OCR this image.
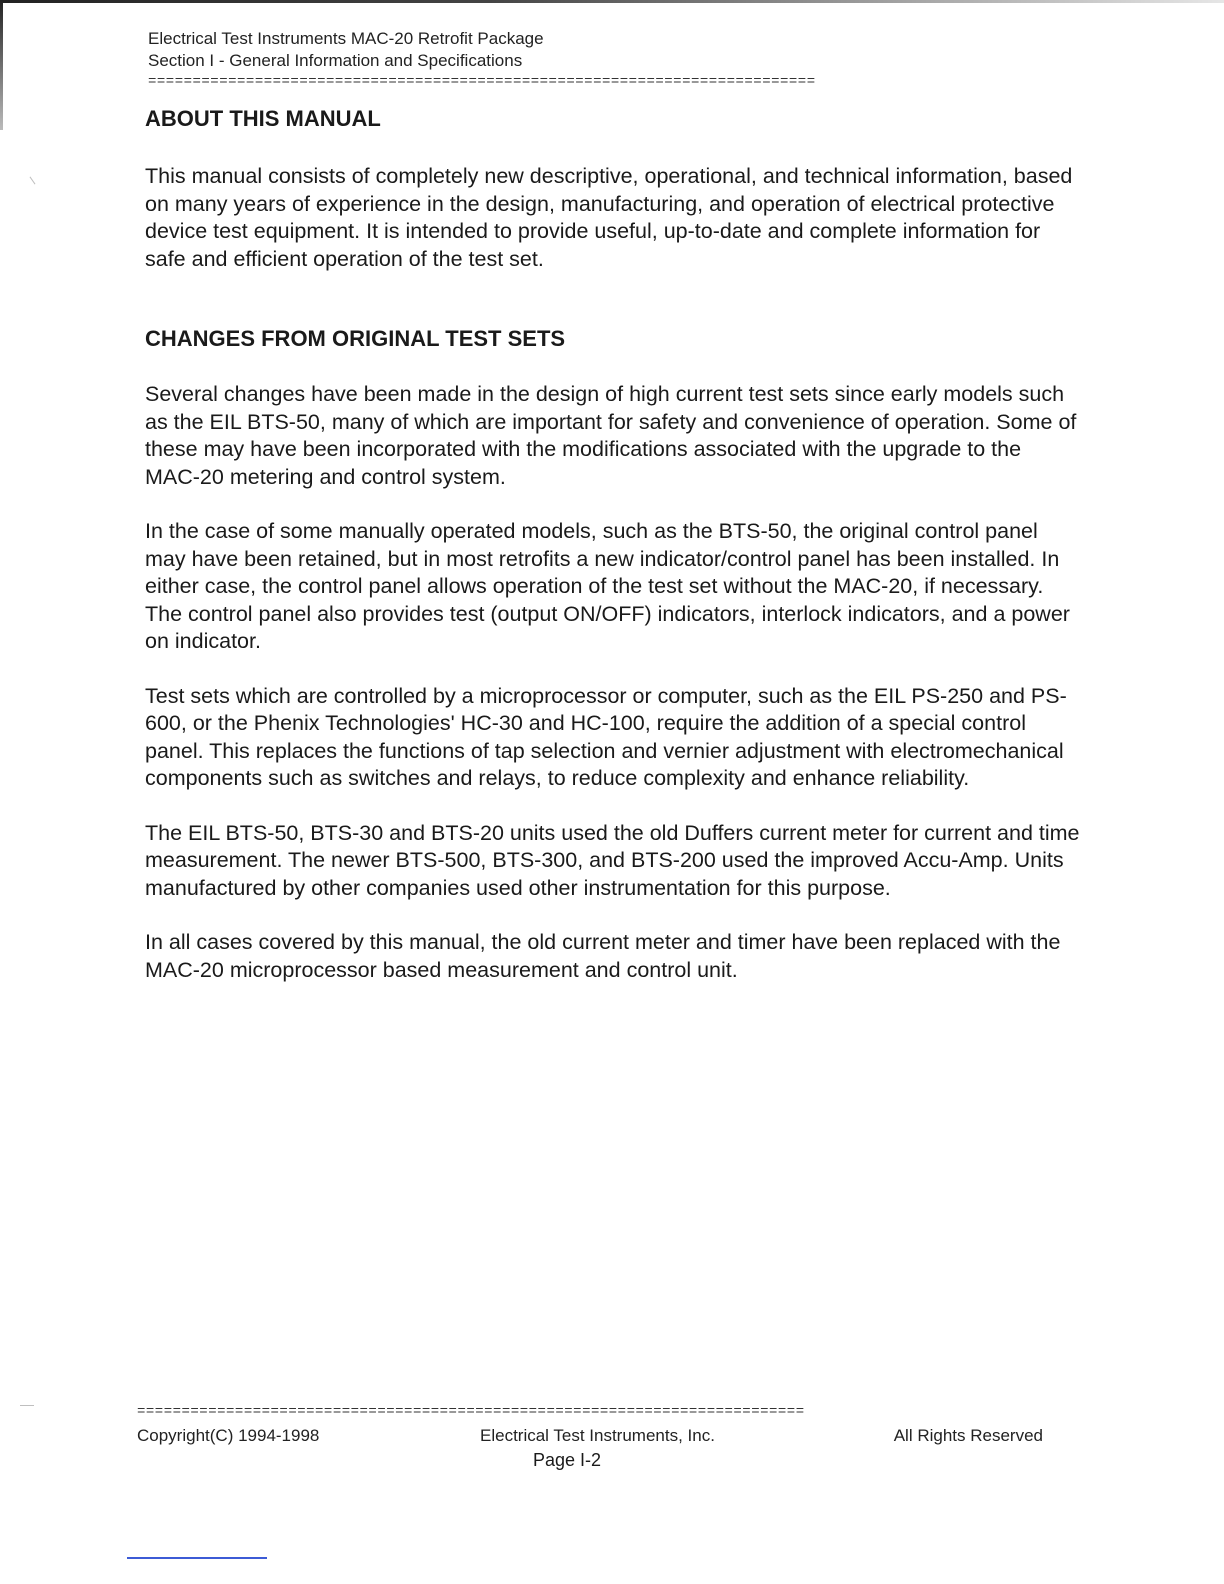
Electrical Test Instruments MAC-20 Retrofit Package
Section I - General Information and Specifications
===========================================================================
ABOUT THIS MANUAL

This manual consists of completely new descriptive, operational, and technical information, based on many years of experience in the design, manufacturing, and operation of electrical protective device test equipment. It is intended to provide useful, up-to-date and complete information for safe and efficient operation of the test set.

CHANGES FROM ORIGINAL TEST SETS

Several changes have been made in the design of high current test sets since early models such as the EIL BTS-50, many of which are important for safety and convenience of operation. Some of these may have been incorporated with the modifications associated with the upgrade to the MAC-20 metering and control system.

In the case of some manually operated models, such as the BTS-50, the original control panel may have been retained, but in most retrofits a new indicator/control panel has been installed. In either case, the control panel allows operation of the test set without the MAC-20, if necessary. The control panel also provides test (output ON/OFF) indicators, interlock indicators, and a power on indicator.

Test sets which are controlled by a microprocessor or computer, such as the EIL PS-250 and PS-600, or the Phenix Technologies' HC-30 and HC-100, require the addition of a special control panel. This replaces the functions of tap selection and vernier adjustment with electromechanical components such as switches and relays, to reduce complexity and enhance reliability.

The EIL BTS-50, BTS-30 and BTS-20 units used the old Duffers current meter for current and time measurement. The newer BTS-500, BTS-300, and BTS-200 used the improved Accu-Amp. Units manufactured by other companies used other instrumentation for this purpose.

In all cases covered by this manual, the old current meter and timer have been replaced with the MAC-20 microprocessor based measurement and control unit.

===========================================================================
Copyright(C) 1994-1998	Electrical Test Instruments, Inc.	All Rights Reserved
Page I-2
